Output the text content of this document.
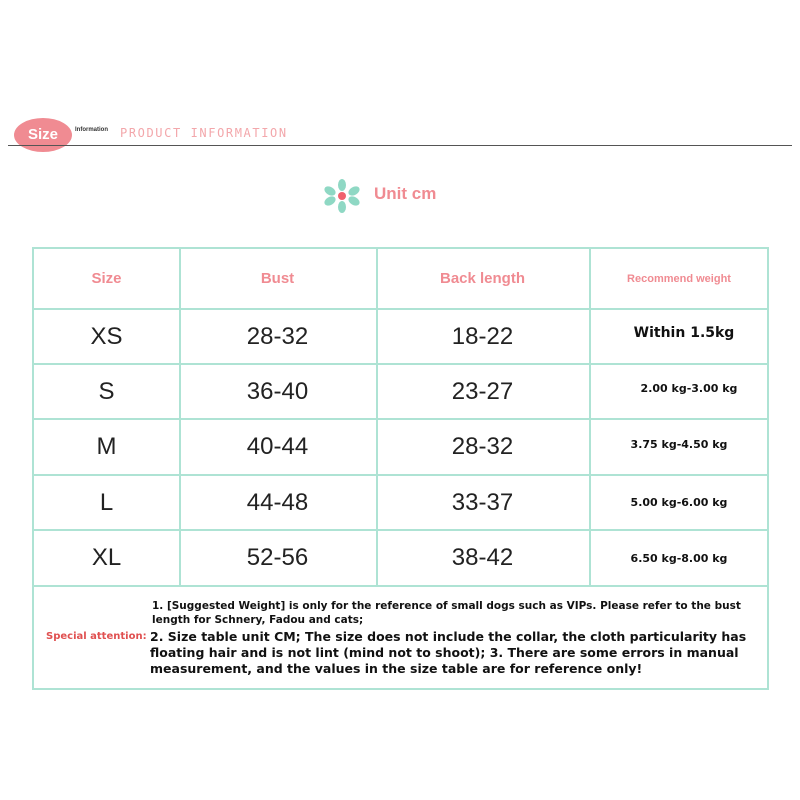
Size	Information PRODUCT INFORMATION
Unit cm
Size	Bust	Back length	Recommend weight
XS	28-32	18-22	Within 1.5kg
S	36-40	23-27	2.00 kg-3.00 kg
M	40-44	28-32	3.75 kg-4.50 kg
L	44-48	33-37	5.00 kg-6.00 kg
XL	52-56	38-42	6.50 kg-8.00 kg
Special attention:
1. [Suggested Weight] is only for the reference of small dogs such as VIPs. Please refer to the bust length for Schnery, Fadou and cats;
2. Size table unit CM; The size does not include the collar, the cloth particularity has floating hair and is not lint (mind not to shoot); 3. There are some errors in manual measurement, and the values in the size table are for reference only!
